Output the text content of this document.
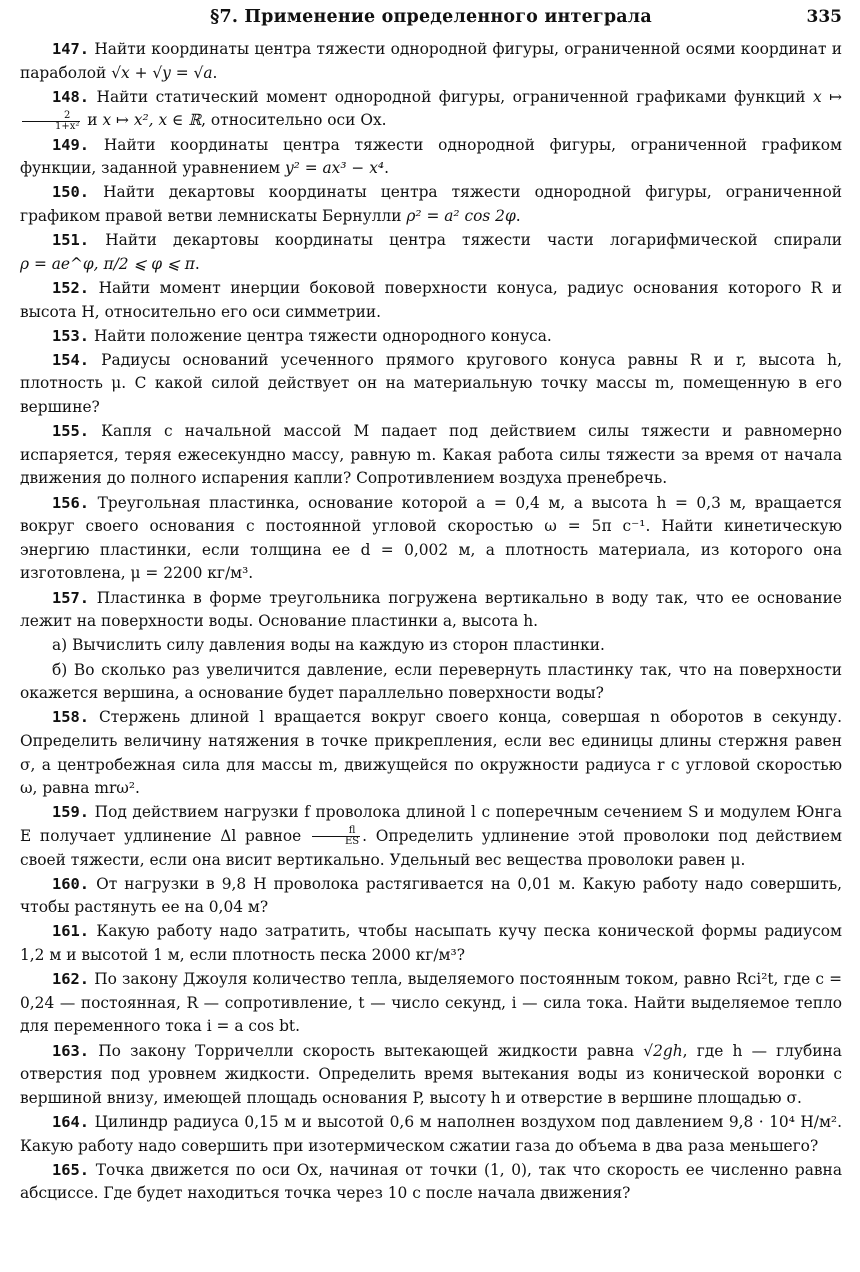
§7. Применение определенного интеграла	335

147. Найти координаты центра тяжести однородной фигуры, ограниченной осями координат и параболой √x + √y = √a.

148. Найти статический момент однородной фигуры, ограниченной графиками функций x ↦
$\frac{2}{\text{1+x²}}$ и x ↦ x², x ∈ ℝ, относительно оси Ox.

149. Найти координаты центра тяжести однородной фигуры, ограниченной графиком функции, заданной уравнением y² = ax³ − x⁴.

150. Найти декартовы координаты центра тяжести однородной фигуры, ограниченной графиком правой ветви лемнискаты Бернулли ρ² = a² cos 2φ.

151. Найти декартовы координаты центра тяжести части логарифмической спирали ρ = ae^φ, π/2 ⩽ φ ⩽ π.

152. Найти момент инерции боковой поверхности конуса, радиус основания которого R и высота H, относительно его оси симметрии.

153. Найти положение центра тяжести однородного конуса.

154. Радиусы оснований усеченного прямого кругового конуса равны R и r, высота h, плотность μ. С какой силой действует он на материальную точку массы m, помещенную в его вершине?

155. Капля с начальной массой M падает под действием силы тяжести и равномерно испаряется, теряя ежесекундно массу, равную m. Какая работа силы тяжести за время от начала движения до полного испарения капли? Сопротивлением воздуха пренебречь.

156. Треугольная пластинка, основание которой a = 0,4 м, а высота h = 0,3 м, вращается вокруг своего основания с постоянной угловой скоростью ω = 5π с⁻¹. Найти кинетическую энергию пластинки, если толщина ее d = 0,002 м, а плотность материала, из которого она изготовлена, μ = 2200 кг/м³.

157. Пластинка в форме треугольника погружена вертикально в воду так, что ее основание лежит на поверхности воды. Основание пластинки a, высота h.

а) Вычислить силу давления воды на каждую из сторон пластинки.

б) Во сколько раз увеличится давление, если перевернуть пластинку так, что на поверхности окажется вершина, а основание будет параллельно поверхности воды?

158. Стержень длиной l вращается вокруг своего конца, совершая n оборотов в секунду. Определить величину натяжения в точке прикрепления, если вес единицы длины стержня равен σ, а центробежная сила для массы m, движущейся по окружности радиуса r с угловой скоростью ω, равна mrω².

159. Под действием нагрузки f проволока длиной l с поперечным сечением S и модулем Юнга E получает удлинение Δl равное $\frac{fl}{ES}$ . Определить удлинение этой проволоки под действием своей тяжести, если она висит вертикально. Удельный вес вещества проволоки равен μ.

160. От нагрузки в 9,8 Н проволока растягивается на 0,01 м. Какую работу надо совершить, чтобы растянуть ее на 0,04 м?

161. Какую работу надо затратить, чтобы насыпать кучу песка конической формы радиусом 1,2 м и высотой 1 м, если плотность песка 2000 кг/м³?

162. По закону Джоуля количество тепла, выделяемого постоянным током, равно Rci²t, где c = 0,24 — постоянная, R — сопротивление, t — число секунд, i — сила тока. Найти выделяемое тепло для переменного тока i = a cos bt.

163. По закону Торричелли скорость вытекающей жидкости равна √2gh, где h — глубина отверстия под уровнем жидкости. Определить время вытекания воды из конической воронки с вершиной внизу, имеющей площадь основания P, высоту h и отверстие в вершине площадью σ.

164. Цилиндр радиуса 0,15 м и высотой 0,6 м наполнен воздухом под давлением 9,8 · 10⁴ Н/м². Какую работу надо совершить при изотермическом сжатии газа до объема в два раза меньшего?

165. Точка движется по оси Ox, начиная от точки (1, 0), так что скорость ее численно равна абсциссе. Где будет находиться точка через 10 с после начала движения?
